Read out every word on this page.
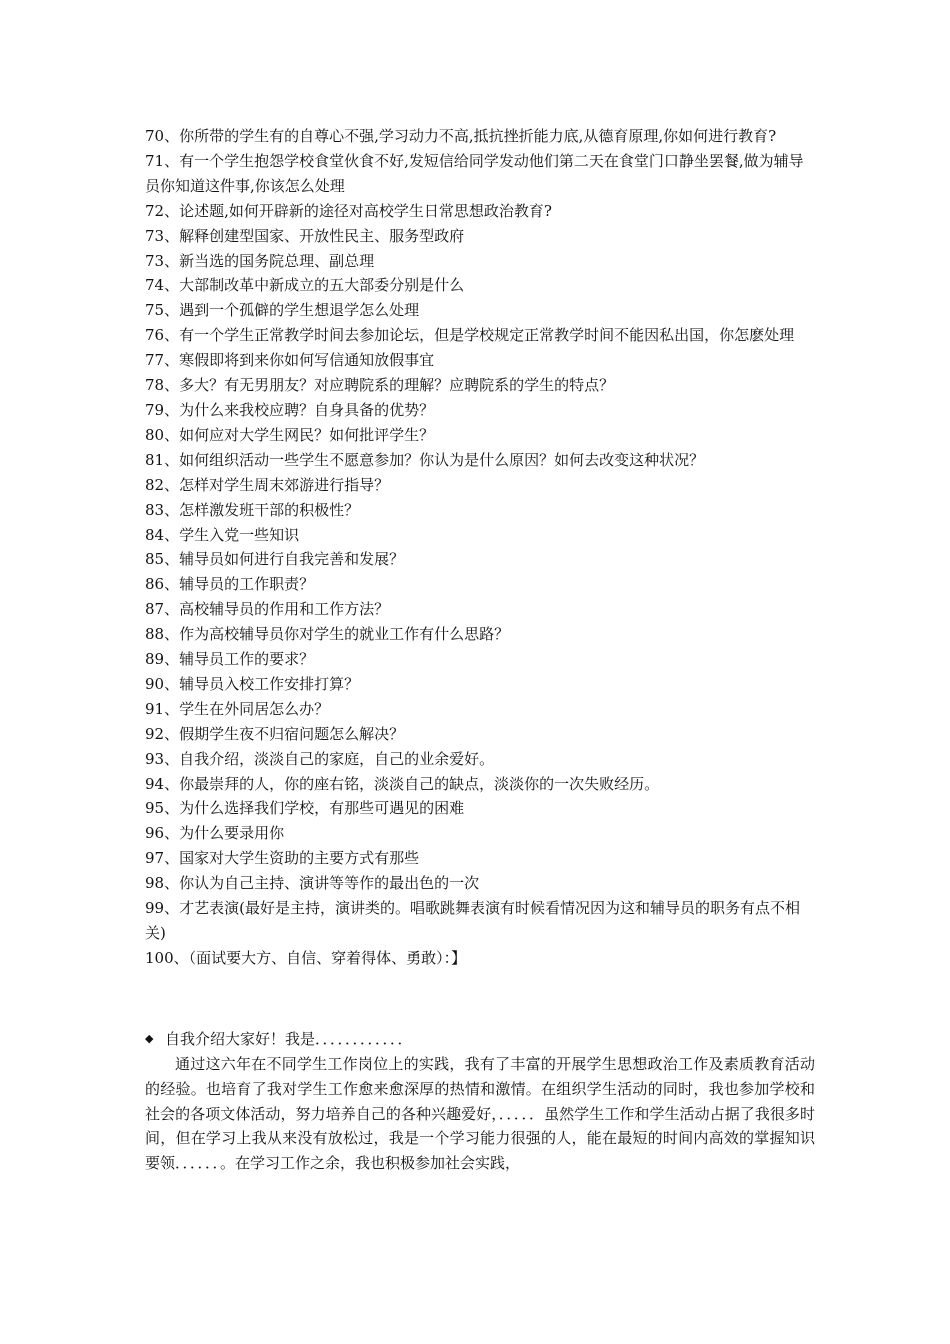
70、你所带的学生有的自尊心不强,学习动力不高,抵抗挫折能力底,从德育原理,你如何进行教育?
71、有一个学生抱怨学校食堂伙食不好,发短信给同学发动他们第二天在食堂门口静坐罢餐,做为辅导员你知道这件事,你该怎么处理
72、论述题,如何开辟新的途径对高校学生日常思想政治教育?
73、解释创建型国家、开放性民主、服务型政府
73、新当选的国务院总理、副总理
74、大部制改革中新成立的五大部委分别是什么
75、遇到一个孤僻的学生想退学怎么处理
76、有一个学生正常教学时间去参加论坛，但是学校规定正常教学时间不能因私出国，你怎麽处理
77、寒假即将到来你如何写信通知放假事宜
78、多大？有无男朋友？对应聘院系的理解？应聘院系的学生的特点？
79、为什么来我校应聘？自身具备的优势？
80、如何应对大学生网民？如何批评学生？
81、如何组织活动一些学生不愿意参加？你认为是什么原因？如何去改变这种状况？
82、怎样对学生周末郊游进行指导？
83、怎样激发班干部的积极性？
84、学生入党一些知识
85、辅导员如何进行自我完善和发展？
86、辅导员的工作职责？
87、高校辅导员的作用和工作方法？
88、作为高校辅导员你对学生的就业工作有什么思路？
89、辅导员工作的要求？
90、辅导员入校工作安排打算？
91、学生在外同居怎么办？
92、假期学生夜不归宿问题怎么解决？
93、自我介绍，淡淡自己的家庭，自己的业余爱好。
94、你最崇拜的人，你的座右铭，淡淡自己的缺点，淡淡你的一次失败经历。
95、为什么选择我们学校，有那些可遇见的困难
96、为什么要录用你
97、国家对大学生资助的主要方式有那些
98、你认为自己主持、演讲等等作的最出色的一次
99、才艺表演(最好是主持，演讲类的。唱歌跳舞表演有时候看情况因为这和辅导员的职务有点不相关)
100、（面试要大方、自信、穿着得体、勇敢）：】

◆ 自我介绍大家好！我是．．．．．．．．．．．．

通过这六年在不同学生工作岗位上的实践，我有了丰富的开展学生思想政治工作及素质教育活动的经验。也培育了我对学生工作愈来愈深厚的热情和激情。在组织学生活动的同时，我也参加学校和社会的各项文体活动，努力培养自己的各种兴趣爱好，．．．．．虽然学生工作和学生活动占据了我很多时间，但在学习上我从来没有放松过，我是一个学习能力很强的人，能在最短的时间内高效的掌握知识要领．．．．．．。在学习工作之余，我也积极参加社会实践，
